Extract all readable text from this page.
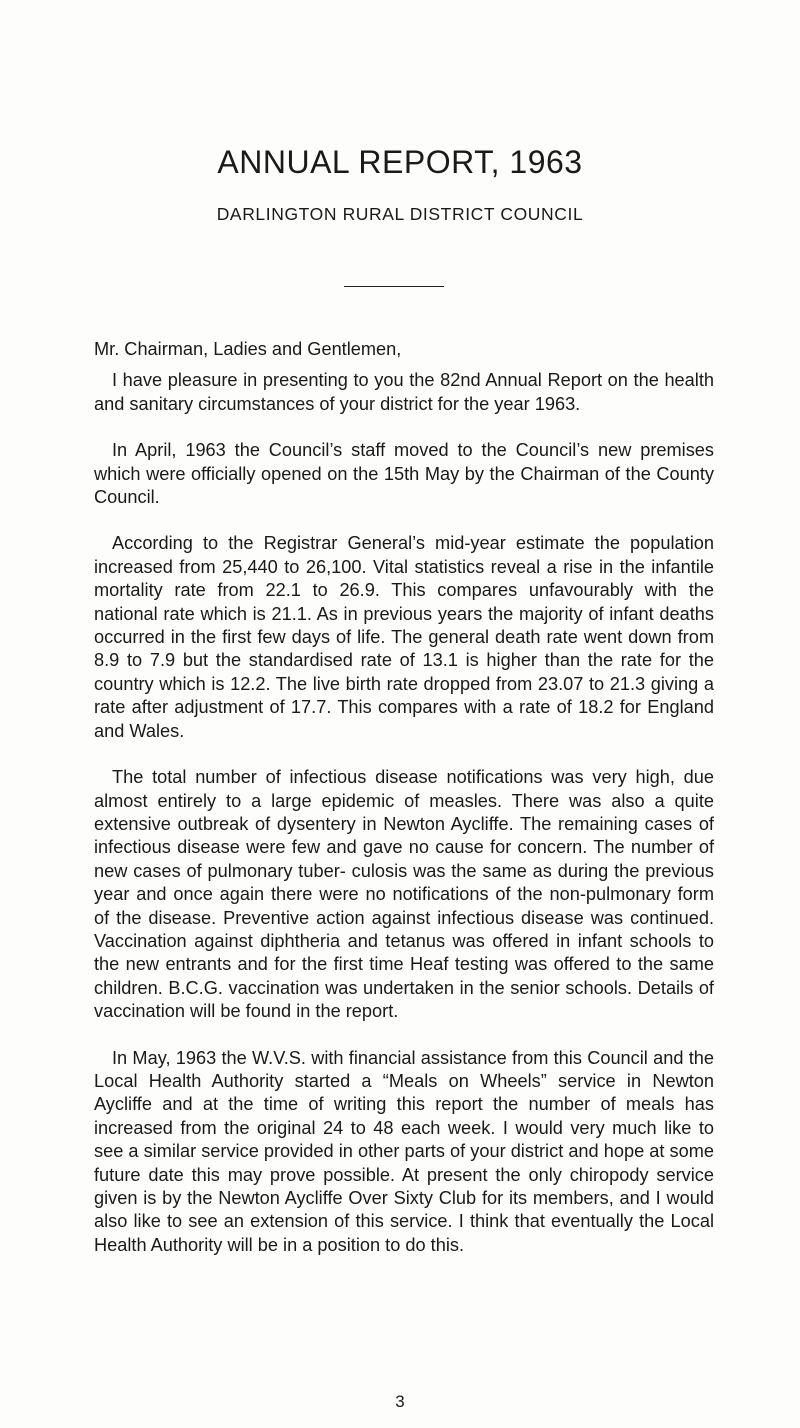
ANNUAL REPORT, 1963
DARLINGTON RURAL DISTRICT COUNCIL

Mr. Chairman, Ladies and Gentlemen,

I have pleasure in presenting to you the 82nd Annual Report on the health and sanitary circumstances of your district for the year 1963.

In April, 1963 the Council’s staff moved to the Council’s new premises which were officially opened on the 15th May by the Chairman of the County Council.

According to the Registrar General’s mid-year estimate the population increased from 25,440 to 26,100. Vital statistics reveal a rise in the infantile mortality rate from 22.1 to 26.9. This compares unfavourably with the national rate which is 21.1. As in previous years the majority of infant deaths occurred in the first few days of life. The general death rate went down from 8.9 to 7.9 but the standardised rate of 13.1 is higher than the rate for the country which is 12.2. The live birth rate dropped from 23.07 to 21.3 giving a rate after adjustment of 17.7. This compares with a rate of 18.2 for England and Wales.

The total number of infectious disease notifications was very high, due almost entirely to a large epidemic of measles. There was also a quite extensive outbreak of dysentery in Newton Aycliffe. The remaining cases of infectious disease were few and gave no cause for concern. The number of new cases of pulmonary tuber- culosis was the same as during the previous year and once again there were no notifications of the non-pulmonary form of the disease. Preventive action against infectious disease was continued. Vaccination against diphtheria and tetanus was offered in infant schools to the new entrants and for the first time Heaf testing was offered to the same children. B.C.G. vaccination was undertaken in the senior schools. Details of vaccination will be found in the report.

In May, 1963 the W.V.S. with financial assistance from this Council and the Local Health Authority started a “Meals on Wheels” service in Newton Aycliffe and at the time of writing this report the number of meals has increased from the original 24 to 48 each week. I would very much like to see a similar service provided in other parts of your district and hope at some future date this may prove possible. At present the only chiropody service given is by the Newton Aycliffe Over Sixty Club for its members, and I would also like to see an extension of this service. I think that eventually the Local Health Authority will be in a position to do this.

3
